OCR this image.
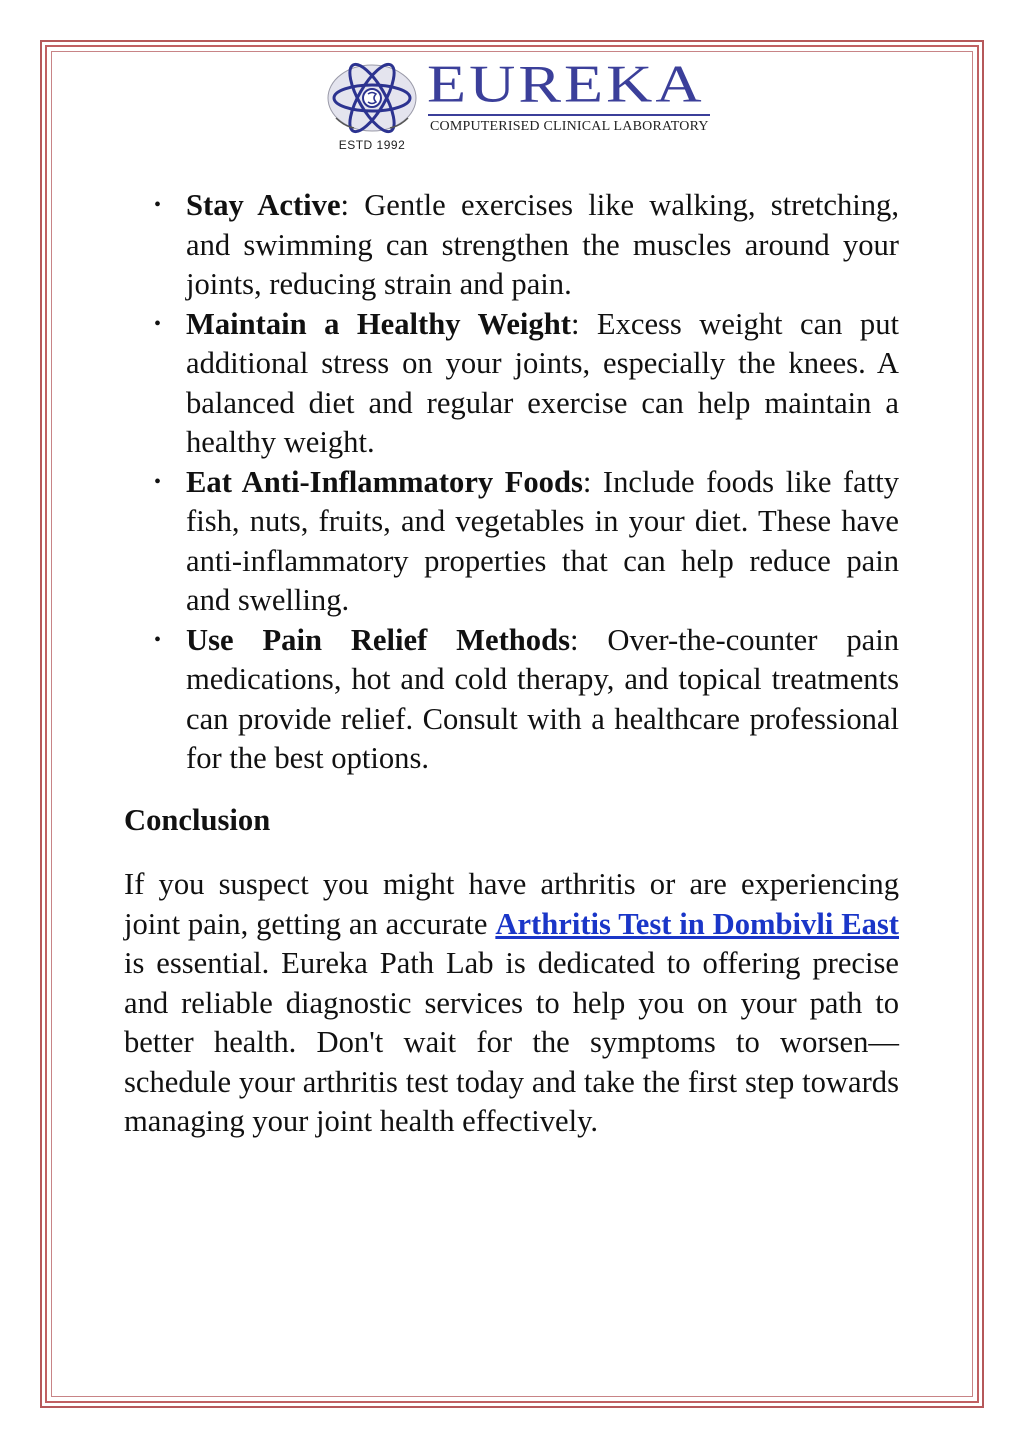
ESTD 1992
EUREKA
COMPUTERISED CLINICAL LABORATORY
• Stay Active: Gentle exercises like walking, stretching, and swimming can strengthen the muscles around your joints, reducing strain and pain.
• Maintain a Healthy Weight: Excess weight can put additional stress on your joints, especially the knees. A balanced diet and regular exercise can help maintain a healthy weight.
• Eat Anti-Inflammatory Foods: Include foods like fatty fish, nuts, fruits, and vegetables in your diet. These have anti-inflammatory properties that can help reduce pain and swelling.
• Use Pain Relief Methods: Over-the-counter pain medications, hot and cold therapy, and topical treatments can provide relief. Consult with a healthcare professional for the best options.
Conclusion

If you suspect you might have arthritis or are experiencing joint pain, getting an accurate Arthritis Test in Dombivli East is essential. Eureka Path Lab is dedicated to offering precise and reliable diagnostic services to help you on your path to better health. Don't wait for the symptoms to worsen—schedule your arthritis test today and take the first step towards managing your joint health effectively.
